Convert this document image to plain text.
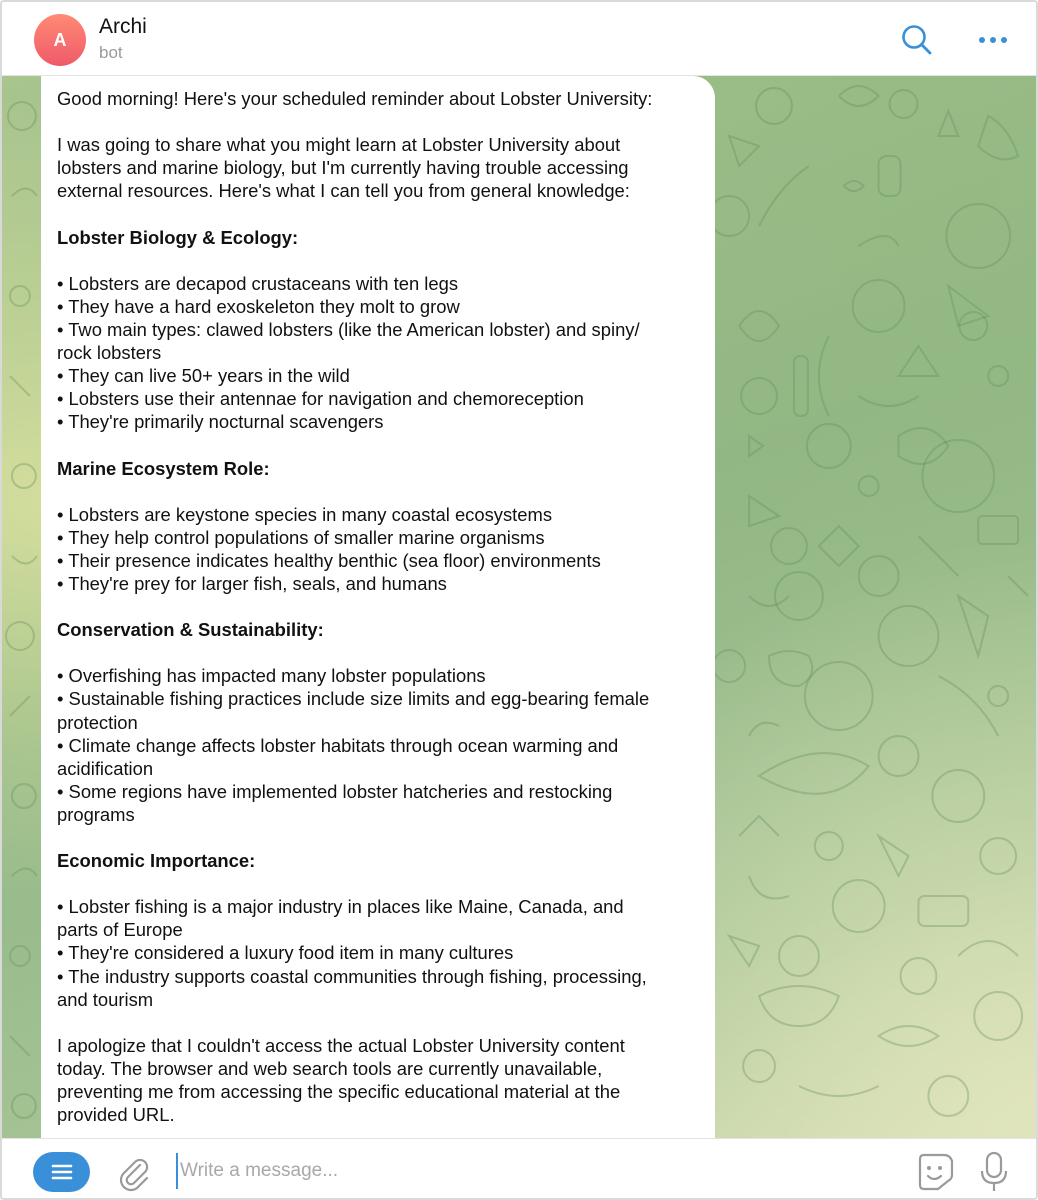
A
Archi
bot

Good morning! Here's your scheduled reminder about Lobster University:

I was going to share what you might learn at Lobster University about

lobsters and marine biology, but I'm currently having trouble accessing

external resources. Here's what I can tell you from general knowledge:

Lobster Biology & Ecology:

• Lobsters are decapod crustaceans with ten legs

• They have a hard exoskeleton they molt to grow

• Two main types: clawed lobsters (like the American lobster) and spiny/

rock lobsters

• They can live 50+ years in the wild

• Lobsters use their antennae for navigation and chemoreception

• They're primarily nocturnal scavengers

Marine Ecosystem Role:

• Lobsters are keystone species in many coastal ecosystems

• They help control populations of smaller marine organisms

• Their presence indicates healthy benthic (sea floor) environments

• They're prey for larger fish, seals, and humans

Conservation & Sustainability:

• Overfishing has impacted many lobster populations

• Sustainable fishing practices include size limits and egg-bearing female

protection

• Climate change affects lobster habitats through ocean warming and

acidification

• Some regions have implemented lobster hatcheries and restocking

programs

Economic Importance:

• Lobster fishing is a major industry in places like Maine, Canada, and

parts of Europe

• They're considered a luxury food item in many cultures

• The industry supports coastal communities through fishing, processing,

and tourism

I apologize that I couldn't access the actual Lobster University content

today. The browser and web search tools are currently unavailable,

preventing me from accessing the specific educational material at the

provided URL.

Write a message...
